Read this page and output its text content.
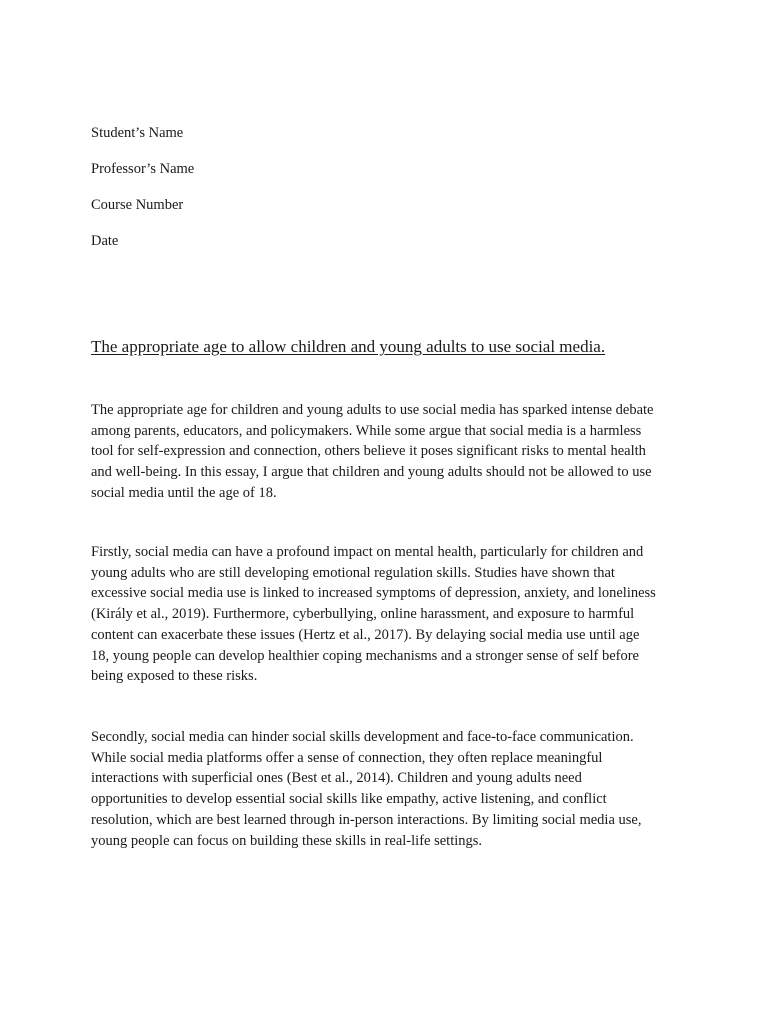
Student’s Name
Professor’s Name
Course Number
Date
The appropriate age to allow children and young adults to use social media.
The appropriate age for children and young adults to use social media has sparked intense debate
among parents, educators, and policymakers. While some argue that social media is a harmless
tool for self-expression and connection, others believe it poses significant risks to mental health
and well-being. In this essay, I argue that children and young adults should not be allowed to use
social media until the age of 18.
Firstly, social media can have a profound impact on mental health, particularly for children and
young adults who are still developing emotional regulation skills. Studies have shown that
excessive social media use is linked to increased symptoms of depression, anxiety, and loneliness
(Király et al., 2019). Furthermore, cyberbullying, online harassment, and exposure to harmful
content can exacerbate these issues (Hertz et al., 2017). By delaying social media use until age
18, young people can develop healthier coping mechanisms and a stronger sense of self before
being exposed to these risks.
Secondly, social media can hinder social skills development and face-to-face communication.
While social media platforms offer a sense of connection, they often replace meaningful
interactions with superficial ones (Best et al., 2014). Children and young adults need
opportunities to develop essential social skills like empathy, active listening, and conflict
resolution, which are best learned through in-person interactions. By limiting social media use,
young people can focus on building these skills in real-life settings.
